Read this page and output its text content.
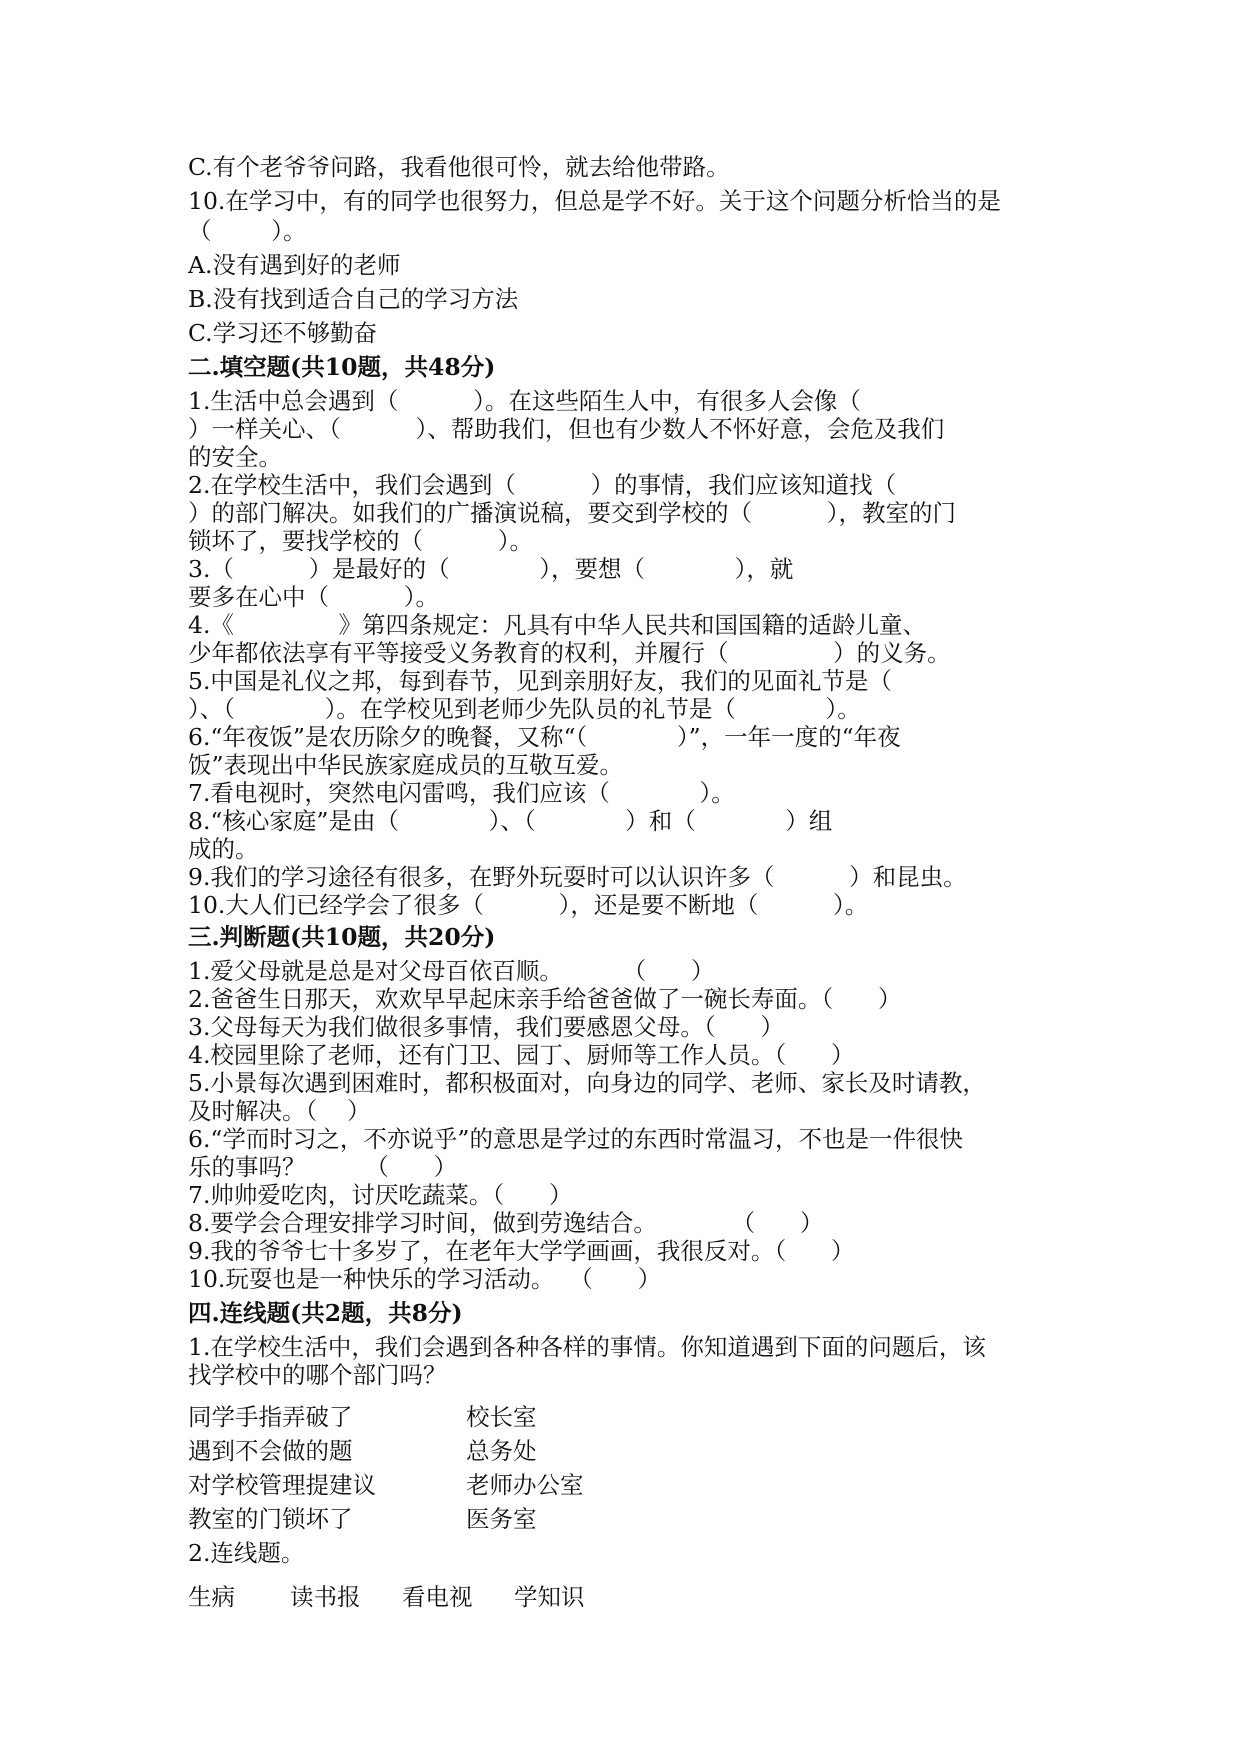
C.有个老爷爷问路，我看他很可怜，就去给他带路。
10.在学习中，有的同学也很努力，但总是学不好。关于这个问题分析恰当的是
（        ）。
A.没有遇到好的老师
B.没有找到适合自己的学习方法
C.学习还不够勤奋
二.填空题(共10题，共48分)
1.生活中总会遇到（          ）。在这些陌生人中，有很多人会像（
）一样关心、（          ）、帮助我们，但也有少数人不怀好意，会危及我们
的安全。
2.在学校生活中，我们会遇到（          ）的事情，我们应该知道找（
）的部门解决。如我们的广播演说稿，要交到学校的（          ），教室的门
锁坏了，要找学校的（          ）。
3.（          ）是最好的（            ），要想（            ），就
要多在心中（          ）。
4.《              》第四条规定：凡具有中华人民共和国国籍的适龄儿童、
少年都依法享有平等接受义务教育的权利，并履行（              ）的义务。
5.中国是礼仪之邦，每到春节，见到亲朋好友，我们的见面礼节是（
）、（            ）。在学校见到老师少先队员的礼节是（            ）。
6.“年夜饭”是农历除夕的晚餐，又称“（            ）”，一年一度的“年夜
饭”表现出中华民族家庭成员的互敬互爱。
7.看电视时，突然电闪雷鸣，我们应该（            ）。
8.“核心家庭”是由（            ）、（            ）和（            ）组
成的。
9.我们的学习途径有很多，在野外玩耍时可以认识许多（          ）和昆虫。
10.大人们已经学会了很多（          ），还是要不断地（          ）。
三.判断题(共10题，共20分)
1.爱父母就是总是对父母百依百顺。        （      ）
2.爸爸生日那天，欢欢早早起床亲手给爸爸做了一碗长寿面。（      ）
3.父母每天为我们做很多事情，我们要感恩父母。（      ）
4.校园里除了老师，还有门卫、园丁、厨师等工作人员。（      ）
5.小景每次遇到困难时，都积极面对，向身边的同学、老师、家长及时请教，
及时解决。（    ）
6.“学而时习之，不亦说乎”的意思是学过的东西时常温习，不也是一件很快
乐的事吗？        （      ）
7.帅帅爱吃肉，讨厌吃蔬菜。（      ）
8.要学会合理安排学习时间，做到劳逸结合。          （      ）
9.我的爷爷七十多岁了，在老年大学学画画，我很反对。（      ）
10.玩耍也是一种快乐的学习活动。  （      ）
四.连线题(共2题，共8分)
1.在学校生活中，我们会遇到各种各样的事情。你知道遇到下面的问题后，该
找学校中的哪个部门吗？
同学手指弄破了	校长室
遇到不会做的题	总务处
对学校管理提建议	老师办公室
教室的门锁坏了	医务室
2.连线题。
生病 读书报 看电视 学知识
